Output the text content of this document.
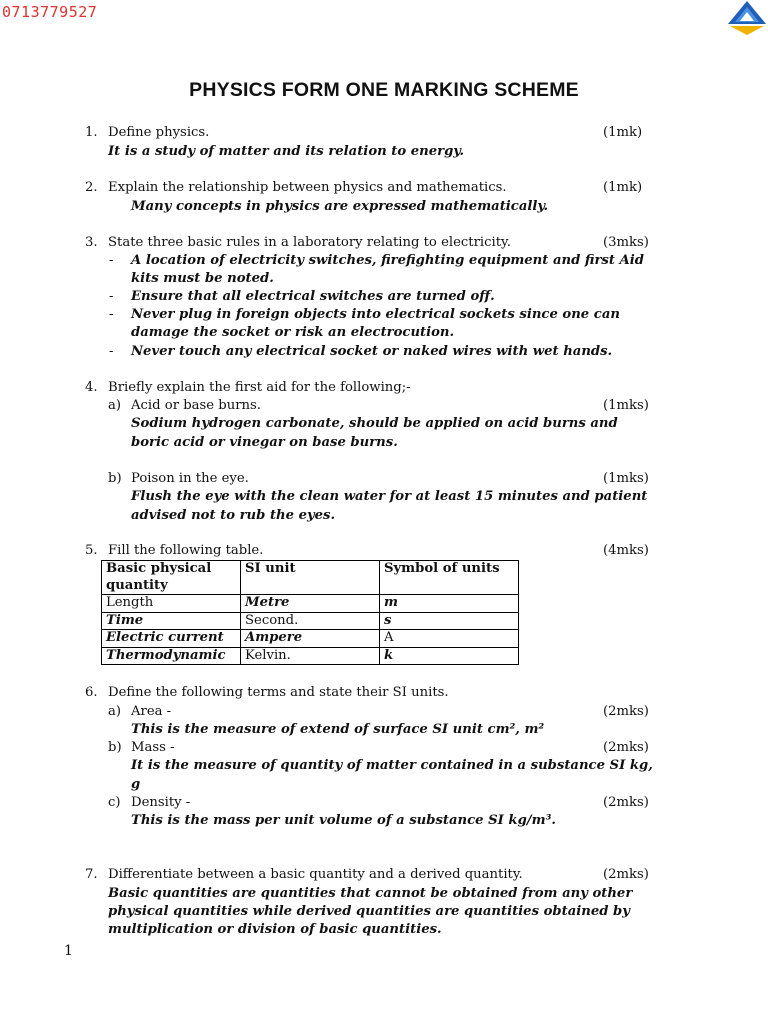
0713779527
PHYSICS FORM ONE MARKING SCHEME
1. Define physics.	(1mk)
It is a study of matter and its relation to energy.
2. Explain the relationship between physics and mathematics.	(1mk)
Many concepts in physics are expressed mathematically.
3. State three basic rules in a laboratory relating to electricity.	(3mks)
- A location of electricity switches, firefighting equipment and first Aid
kits must be noted.
- Ensure that all electrical switches are turned off.
- Never plug in foreign objects into electrical sockets since one can
damage the socket or risk an electrocution.
- Never touch any electrical socket or naked wires with wet hands.
4. Briefly explain the first aid for the following;-
a) Acid or base burns.	(1mks)
Sodium hydrogen carbonate, should be applied on acid burns and
boric acid or vinegar on base burns.
b) Poison in the eye.	(1mks)
Flush the eye with the clean water for at least 15 minutes and patient
advised not to rub the eyes.
5. Fill the following table.	(4mks)
Basic physical quantity	SI unit	Symbol of units
Length	Metre	m
Time	Second.	s
Electric current	Ampere	A
Thermodynamic	Kelvin.	k
6. Define the following terms and state their SI units.
a) Area -	(2mks)
This is the measure of extend of surface SI unit cm², m²
b) Mass -	(2mks)
It is the measure of quantity of matter contained in a substance SI kg,
g
c) Density -	(2mks)
This is the mass per unit volume of a substance SI kg/m³.
7. Differentiate between a basic quantity and a derived quantity.	(2mks)
Basic quantities are quantities that cannot be obtained from any other
physical quantities while derived quantities are quantities obtained by
multiplication or division of basic quantities.
1
